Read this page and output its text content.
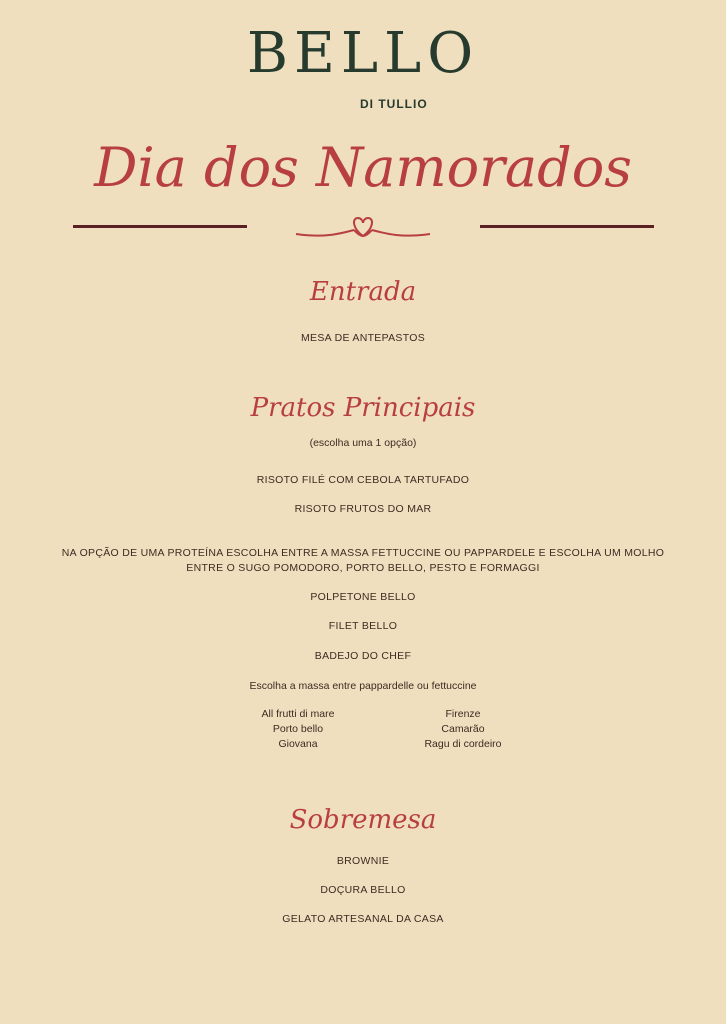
BELLO
DI TULLIO
Dia dos Namorados
Entrada
MESA DE ANTEPASTOS
Pratos Principais
(escolha uma 1 opção)
RISOTO FILÉ COM CEBOLA TARTUFADO
RISOTO FRUTOS DO MAR
NA OPÇÃO DE UMA PROTEÍNA ESCOLHA ENTRE A MASSA FETTUCCINE OU PAPPARDELE E ESCOLHA UM MOLHO
ENTRE O SUGO POMODORO, PORTO BELLO, PESTO E FORMAGGI
POLPETONE BELLO
FILET BELLO
BADEJO DO CHEF
Escolha a massa entre pappardelle ou fettuccine
All frutti di mare
Porto bello
Giovana
Firenze
Camarão
Ragu di cordeiro
Sobremesa
BROWNIE
DOÇURA BELLO
GELATO ARTESANAL DA CASA
